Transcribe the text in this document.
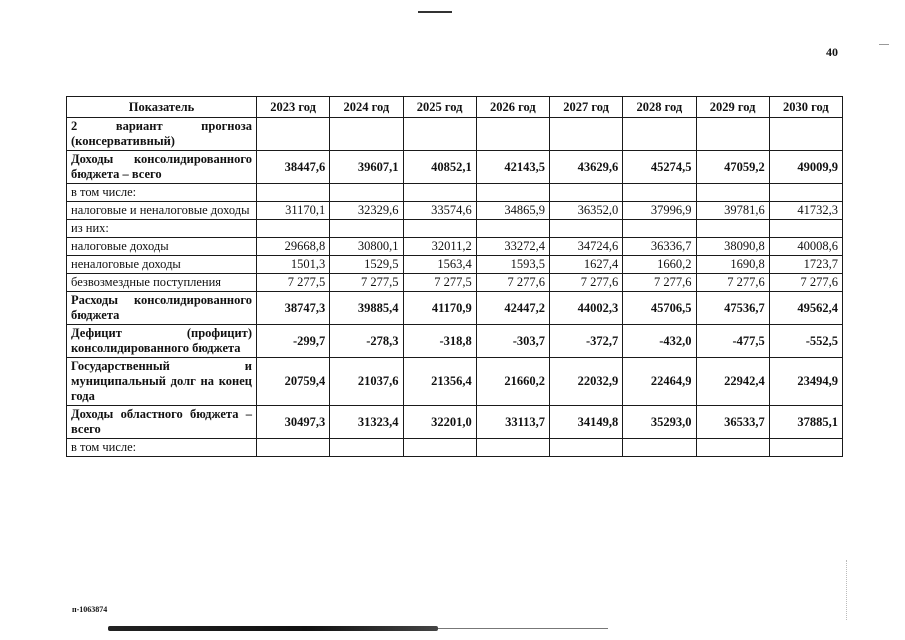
40
Показатель	2023 год	2024 год	2025 год	2026 год	2027 год	2028 год	2029 год	2030 год
2 вариант прогноза (консервативный)								
Доходы консолидированного бюджета – всего	38447,6	39607,1	40852,1	42143,5	43629,6	45274,5	47059,2	49009,9
в том числе:								
налоговые и неналоговые доходы	31170,1	32329,6	33574,6	34865,9	36352,0	37996,9	39781,6	41732,3
из них:								
налоговые доходы	29668,8	30800,1	32011,2	33272,4	34724,6	36336,7	38090,8	40008,6
неналоговые доходы	1501,3	1529,5	1563,4	1593,5	1627,4	1660,2	1690,8	1723,7
безвозмездные поступления	7 277,5	7 277,5	7 277,5	7 277,6	7 277,6	7 277,6	7 277,6	7 277,6
Расходы консолидированного бюджета	38747,3	39885,4	41170,9	42447,2	44002,3	45706,5	47536,7	49562,4
Дефицит (профицит) консолидированного бюджета	-299,7	-278,3	-318,8	-303,7	-372,7	-432,0	-477,5	-552,5
Государственный и муниципальный долг на конец года	20759,4	21037,6	21356,4	21660,2	22032,9	22464,9	22942,4	23494,9
Доходы областного бюджета – всего	30497,3	31323,4	32201,0	33113,7	34149,8	35293,0	36533,7	37885,1
в том числе:								
п-1063874
